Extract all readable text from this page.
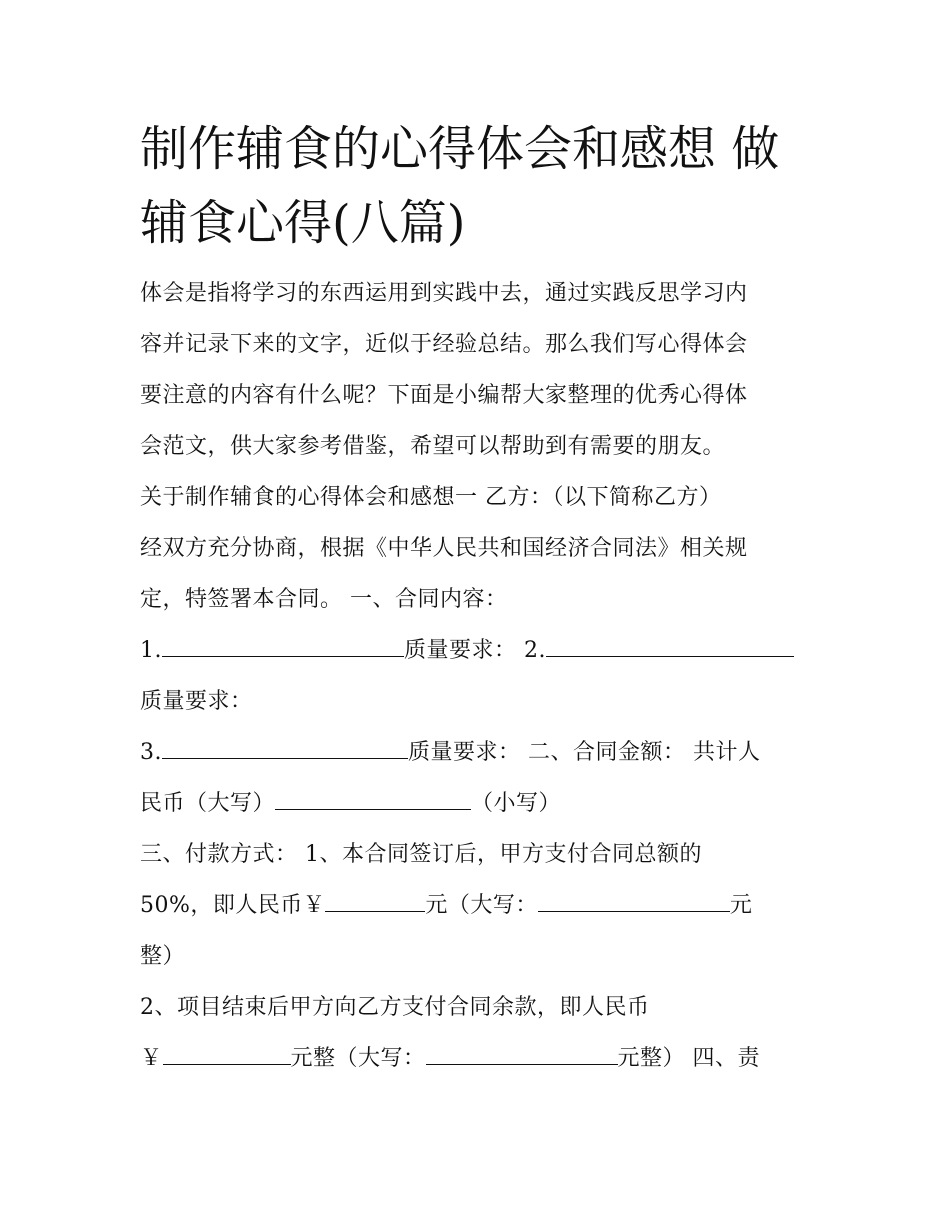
制作辅食的心得体会和感想 做
辅食心得(八篇)
体会是指将学习的东西运用到实践中去，通过实践反思学习内
容并记录下来的文字，近似于经验总结。那么我们写心得体会
要注意的内容有什么呢？下面是小编帮大家整理的优秀心得体
会范文，供大家参考借鉴，希望可以帮助到有需要的朋友。
关于制作辅食的心得体会和感想一 乙方：（以下简称乙方）
经双方充分协商，根据《中华人民共和国经济合同法》相关规
定，特签署本合同。 一、合同内容：
1.	质量要求： 2.
质量要求：
3.	质量要求： 二、合同金额： 共计人
民币（大写）	（小写）
三、付款方式： 1、本合同签订后，甲方支付合同总额的
50%，即人民币￥	元（大写：	元
整）
2、项目结束后甲方向乙方支付合同余款，即人民币
￥	元整（大写：	元整） 四、责
